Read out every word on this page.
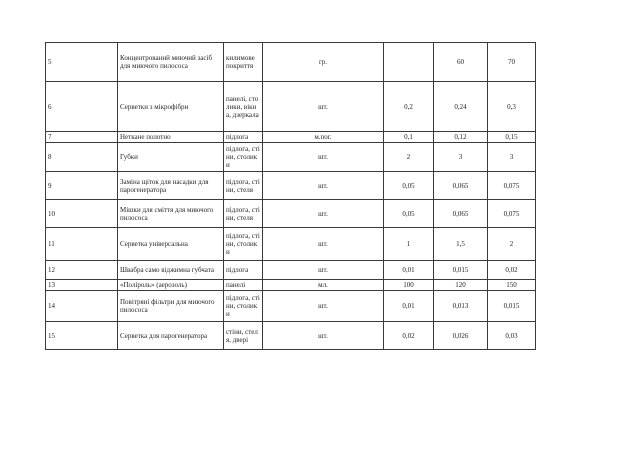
5	Концентрований миючий засіб для миючого пилососа	килимове покриття	гр.		60	70
6	Серветки з мікрофібри	панелі, столики, вікна, дзеркала	шт.	0,2	0,24	0,3
7	Неткане полотно	підлога	м.пог.	0,1	0,12	0,15
8	Губки	підлога, стіни, столики	шт.	2	3	3
9	Заміна щіток для насадки для парогенератора	підлога, стіни, стеля	шт.	0,05	0,065	0,075
10	Мішки для сміття для миючого пилососа	підлога, стіни, стеля	шт.	0,05	0,065	0,075
11	Серветка універсальна	підлога, стіни, столики	шт.	1	1,5	2
12	Швабра само віджимна губчата	підлога	шт.	0,01	0,015	0,02
13	«Поліроль» (аерозоль)	панелі	мл.	100	120	150
14	Повітряні фільтри для миючого пилососа	підлога, стіни, столики	шт.	0,01	0,013	0,015
15	Серветка для парогенератора	стіни, стеля, двері	шт.	0,02	0,026	0,03
